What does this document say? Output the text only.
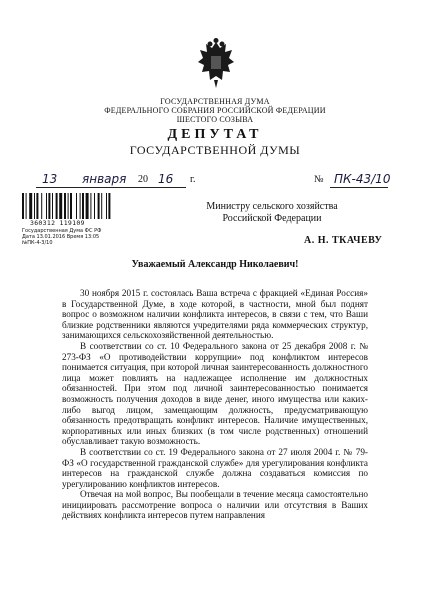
ГОСУДАРСТВЕННАЯ ДУМА
ФЕДЕРАЛЬНОГО СОБРАНИЯ РОССИЙСКОЙ ФЕДЕРАЦИИ
ШЕСТОГО СОЗЫВА
ДЕПУТАТ
ГОСУДАРСТВЕННОЙ ДУМЫ
13 января 20 16 г.	№ ПК-43/10
360312 119109
Государственная Дума ФС РФ
Дата 13.01.2016 Время 13:05
№ПК-4-3/10
Министру сельского хозяйства
Российской Федерации
А. Н. ТКАЧЕВУ
Уважаемый Александр Николаевич!

30 ноября 2015 г. состоялась Ваша встреча с фракцией «Единая Россия» в Государственной Думе, в ходе которой, в частности, мной был поднят вопрос о возможном наличии конфликта интересов, в связи с тем, что Ваши близкие родственники являются учредителями ряда коммерческих структур, занимающихся сельскохозяйственной деятельностью.

В соответствии со ст. 10 Федерального закона от 25 декабря 2008 г. № 273-ФЗ «О противодействии коррупции» под конфликтом интересов понимается ситуация, при которой личная заинтересованность должностного лица может повлиять на надлежащее исполнение им должностных обязанностей. При этом под личной заинтересованностью понимается возможность получения доходов в виде денег, иного имущества или каких-либо выгод лицом, замещающим должность, предусматривающую обязанность предотвращать конфликт интересов. Наличие имущественных, корпоративных или иных близких (в том числе родственных) отношений обуславливает такую возможность.

В соответствии со ст. 19 Федерального закона от 27 июля 2004 г. № 79-ФЗ «О государственной гражданской службе» для урегулирования конфликта интересов на гражданской службе должна создаваться комиссия по урегулированию конфликтов интересов.

Отвечая на мой вопрос, Вы пообещали в течение месяца самостоятельно инициировать рассмотрение вопроса о наличии или отсутствия в Ваших действиях конфликта интересов путем направления
